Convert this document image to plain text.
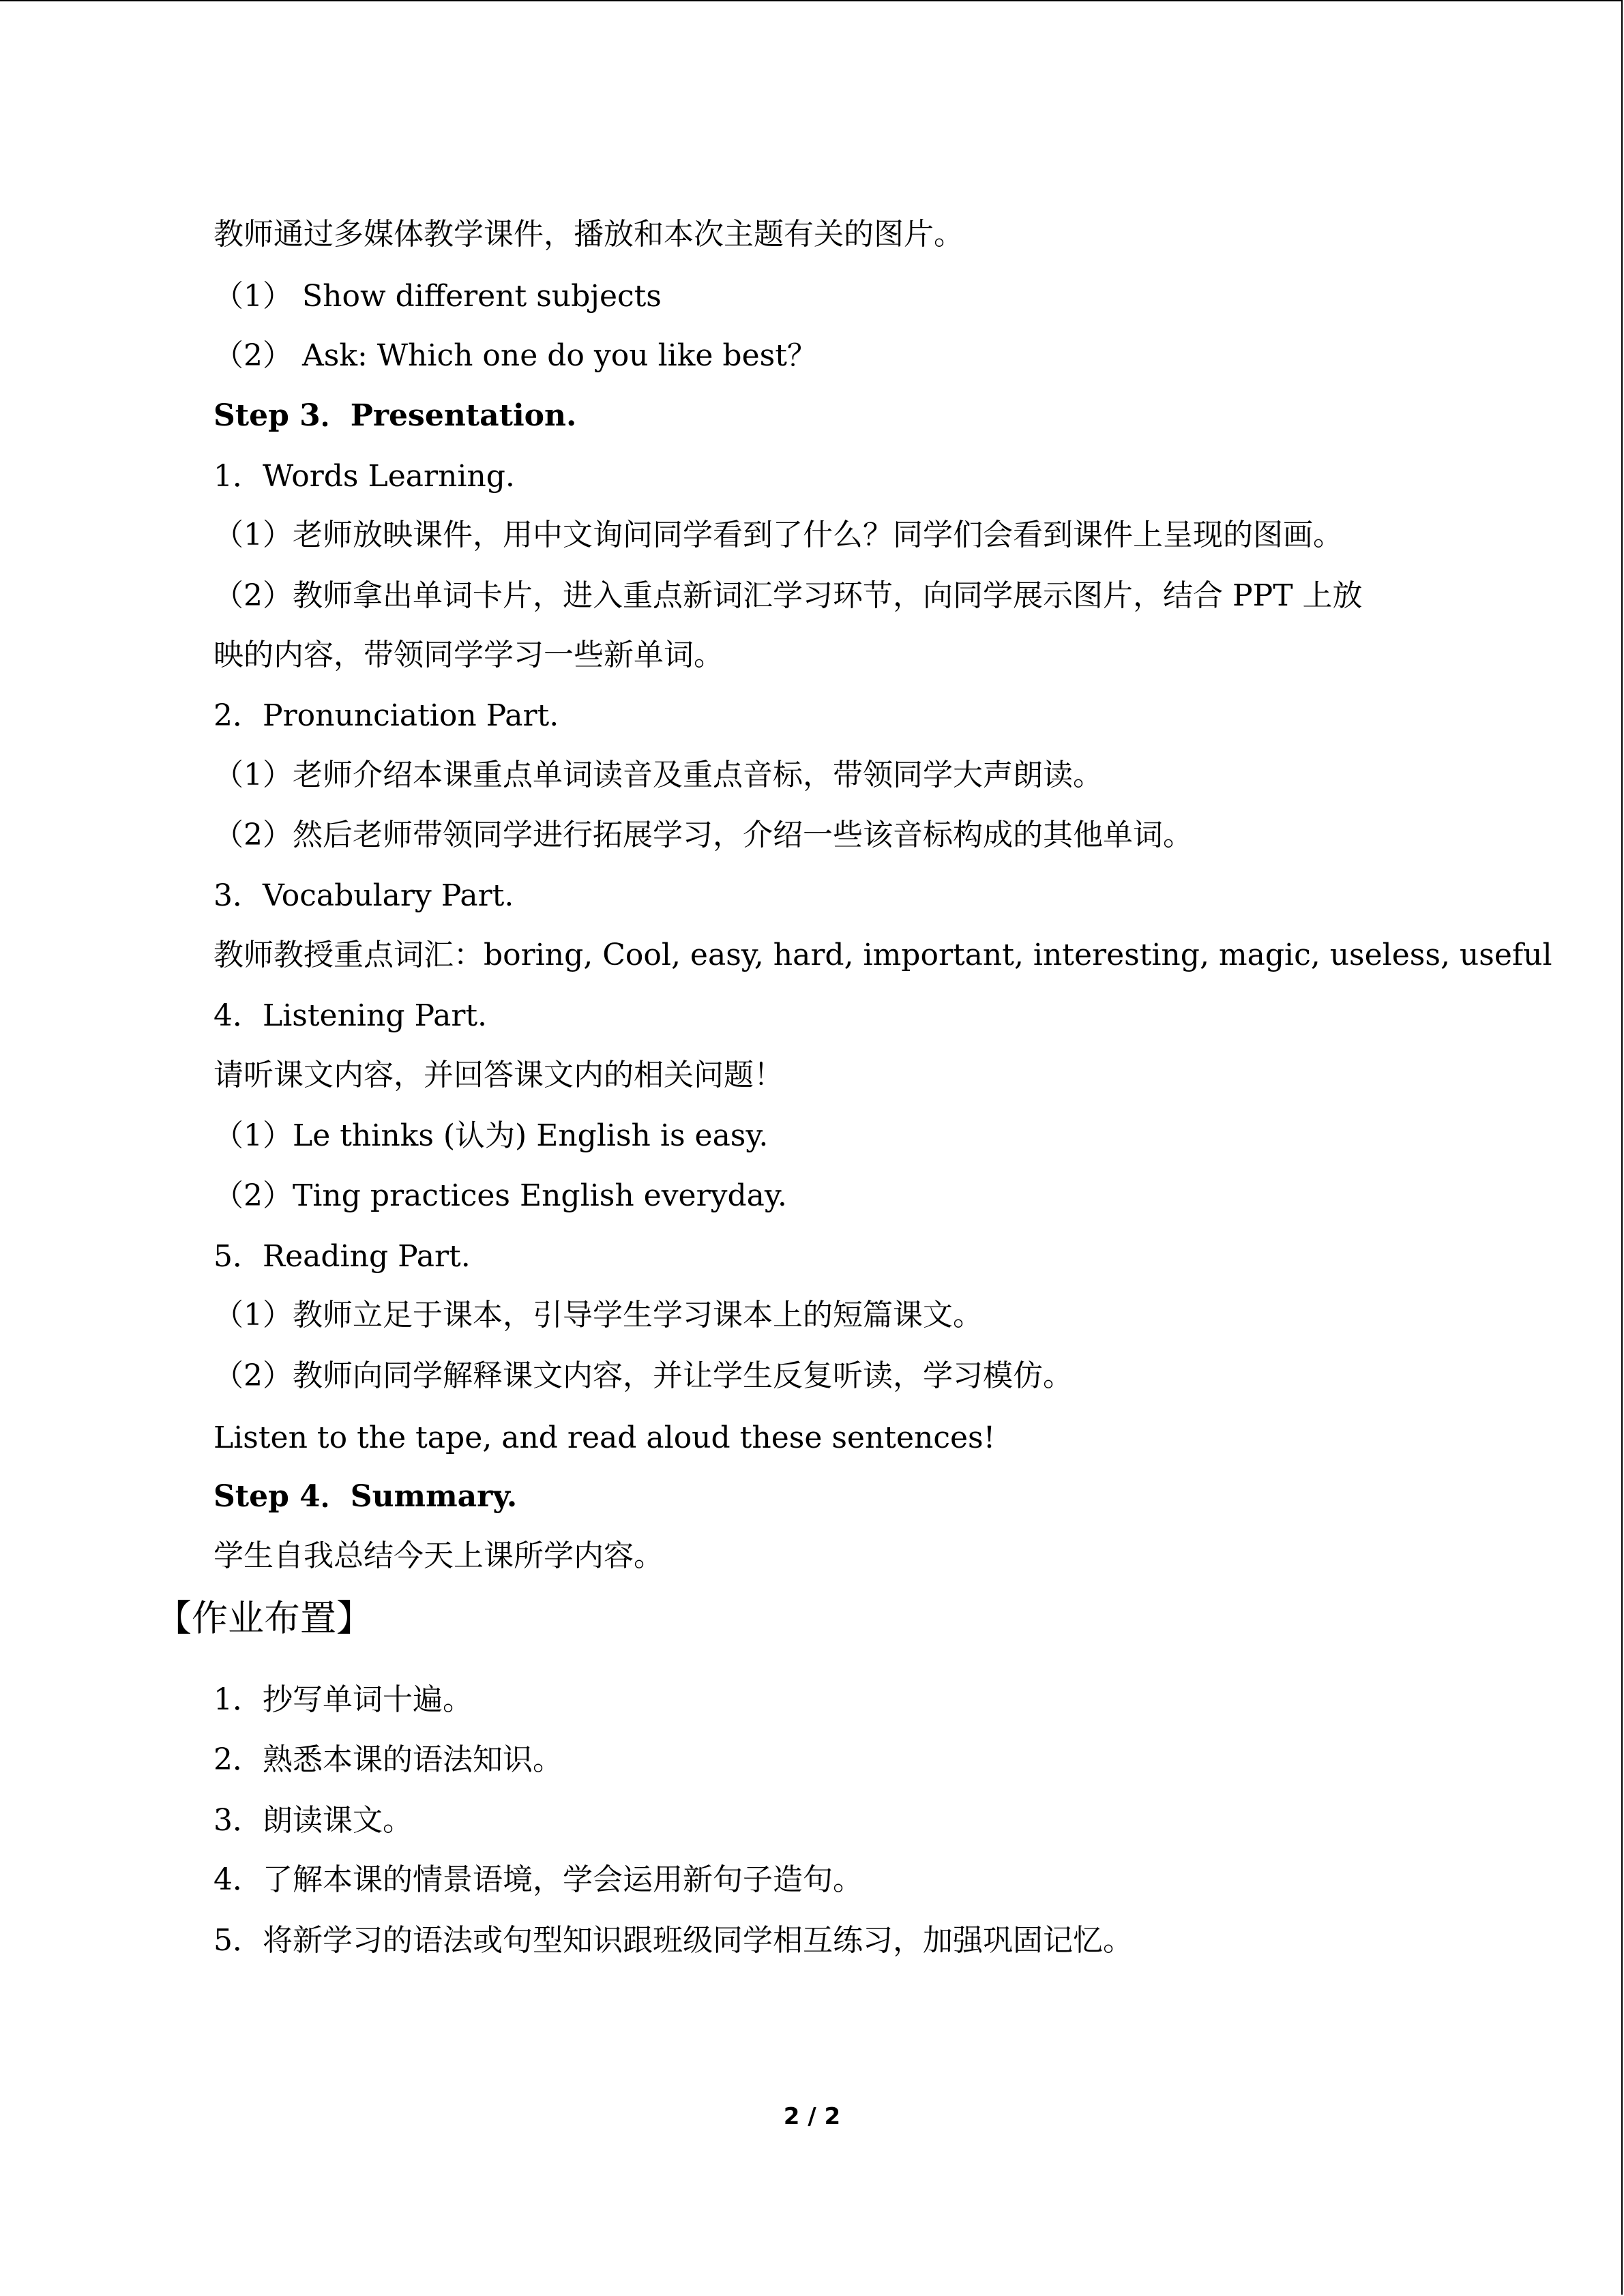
教师通过多媒体教学课件，播放和本次主题有关的图片。
（1） Show different subjects
（2） Ask: Which one do you like best？
Step 3．Presentation.
1．Words Learning.
（1）老师放映课件，用中文询问同学看到了什么？同学们会看到课件上呈现的图画。
（2）教师拿出单词卡片，进入重点新词汇学习环节，向同学展示图片，结合 PPT 上放
映的内容，带领同学学习一些新单词。
2．Pronunciation Part.
（1）老师介绍本课重点单词读音及重点音标，带领同学大声朗读。
（2）然后老师带领同学进行拓展学习，介绍一些该音标构成的其他单词。
3．Vocabulary Part.
教师教授重点词汇：boring, Cool, easy, hard, important, interesting, magic, useless, useful
4．Listening Part.
请听课文内容，并回答课文内的相关问题！
（1）Le thinks (认为) English is easy.
（2）Ting practices English everyday.
5．Reading Part.
（1）教师立足于课本，引导学生学习课本上的短篇课文。
（2）教师向同学解释课文内容，并让学生反复听读，学习模仿。
Listen to the tape, and read aloud these sentences!
Step 4．Summary.
学生自我总结今天上课所学内容。
【作业布置】
1．抄写单词十遍。
2．熟悉本课的语法知识。
3．朗读课文。
4．了解本课的情景语境，学会运用新句子造句。
5．将新学习的语法或句型知识跟班级同学相互练习，加强巩固记忆。
2 / 2
